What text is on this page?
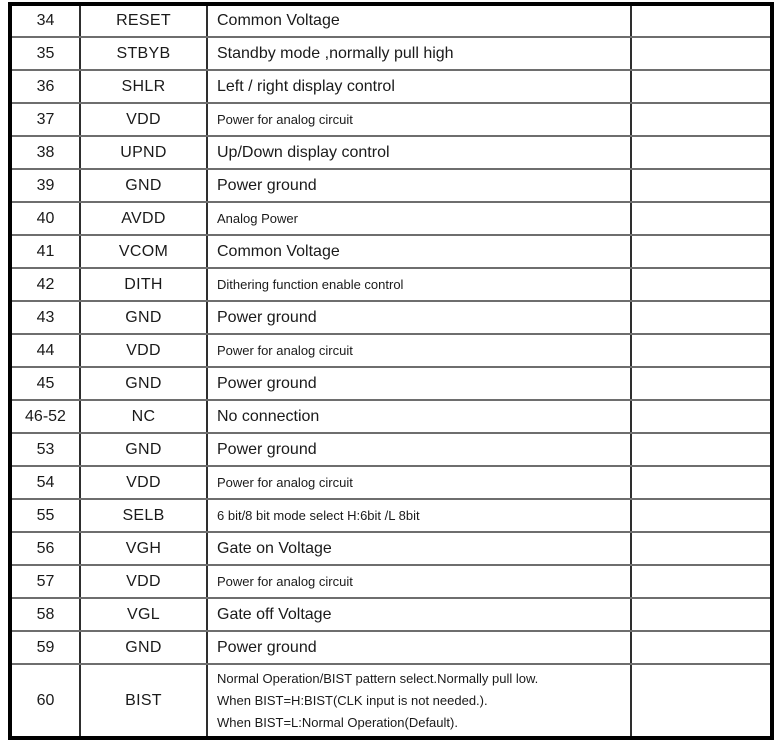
34	RESET	Common Voltage	

35	STBYB	Standby mode ,normally pull high	

36	SHLR	Left / right display control	

37	VDD	Power for analog circuit	

38	UPND	Up/Down display control	

39	GND	Power ground	

40	AVDD	Analog Power	

41	VCOM	Common Voltage	

42	DITH	Dithering function enable control	

43	GND	Power ground	

44	VDD	Power for analog circuit	

45	GND	Power ground	

46-52	NC	No connection	

53	GND	Power ground	

54	VDD	Power for analog circuit	

55	SELB	6 bit/8 bit mode select H:6bit /L 8bit	

56	VGH	Gate on Voltage	

57	VDD	Power for analog circuit	

58	VGL	Gate off Voltage	

59	GND	Power ground	

60	BIST	Normal Operation/BIST pattern select.Normally pull low.
When BIST=H:BIST(CLK input is not needed.).
When BIST=L:Normal Operation(Default).	
